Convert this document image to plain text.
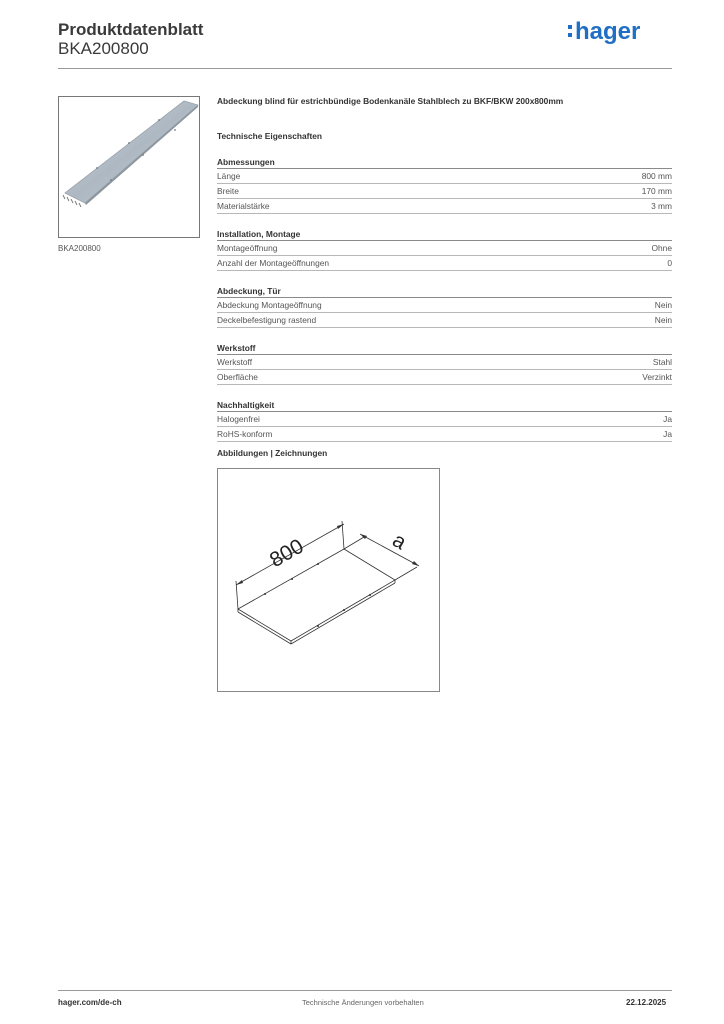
Produktdatenblatt
BKA200800
hager
BKA200800
Abdeckung blind für estrichbündige Bodenkanäle Stahlblech zu BKF/BKW 200x800mm
Technische Eigenschaften
Abmessungen
Länge	800 mm
Breite	170 mm
Materialstärke	3 mm
Installation, Montage
Montageöffnung	Ohne
Anzahl der Montageöffnungen	0
Abdeckung, Tür
Abdeckung Montageöffnung	Nein
Deckelbefestigung rastend	Nein
Werkstoff
Werkstoff	Stahl
Oberfläche	Verzinkt
Nachhaltigkeit
Halogenfrei	Ja
RoHS-konform	Ja
Abbildungen | Zeichnungen
800	a
hager.com/de-ch	Technische Änderungen vorbehalten	22.12.2025
